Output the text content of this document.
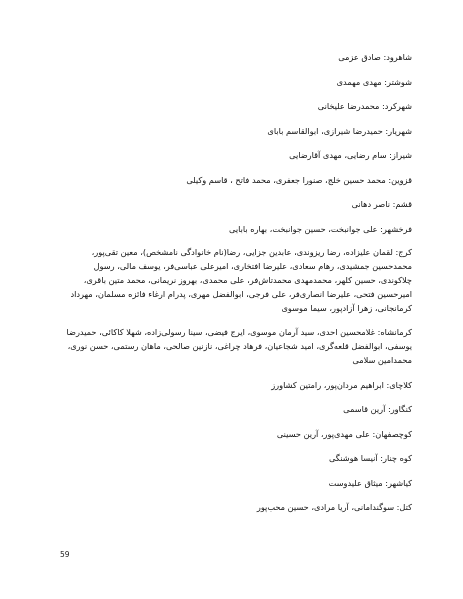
شاهرود: صادق عزمی
شوشتر: مهدی مهمدی
شهرکرد: محمدرضا علیخانی
شهریار: حمیدرضا شیرازی، ابوالقاسم بابای
شیراز: سام رضایی، مهدی آقارضایی
قزوین: محمد حسین خلج، صنورا جعفری، محمد فاتح ، قاسم وکیلی
قشم: ناصر دهانی
فرخشهر: علی جوانبخت، حسین جوانبخت، بهاره بابایی
کرج: لقمان علیزاده، رضا ریزوندی، عابدین جزایی، رضا(نام خانوادگی نامشخص)، معین تقی‌پور، محمدحسین جمشیدی، رهام سعادی، علیرضا افتخاری، امیرعلی عباسی‌فر، یوسف مالی، رسول چلاکوندی، حسین کلهر، محمدمهدی محمدتاش‌فر، علی محمدی، بهروز نریمانی، محمد متین باقری، امیرحسین فتحی، علیرضا انصاری‌فر، علی فرجی، ابوالفضل مهری، پدرام ارغاء فائزه مسلمان، مهرداد کرمانجانی، زهرا آزادپور، سیما موسوی
کرمانشاه: غلامحسین احدی، سید آرمان موسوی، ایرج فیضی، سینا رسولی‌زاده، شهلا کاکائی، حمیدرضا یوسفی، ابوالفضل قلعه‌گری، امید شجاعیان، فرهاد چراغی، نازنین صالحی، ماهان رستمی، حسن نوری، محمدامین سلامی
کلاچای: ابراهیم مردان‌پور، رامتین کشاورز
کنگاور: آرین قاسمی
کوچصفهان: علی مهدی‌پور، آرین حسینی
کوه چنار: آنیسا هوشنگی
کیاشهر: میثاق علیدوست
کتل: سوگندامانی، آریا مرادی، حسین محب‌پور
59
